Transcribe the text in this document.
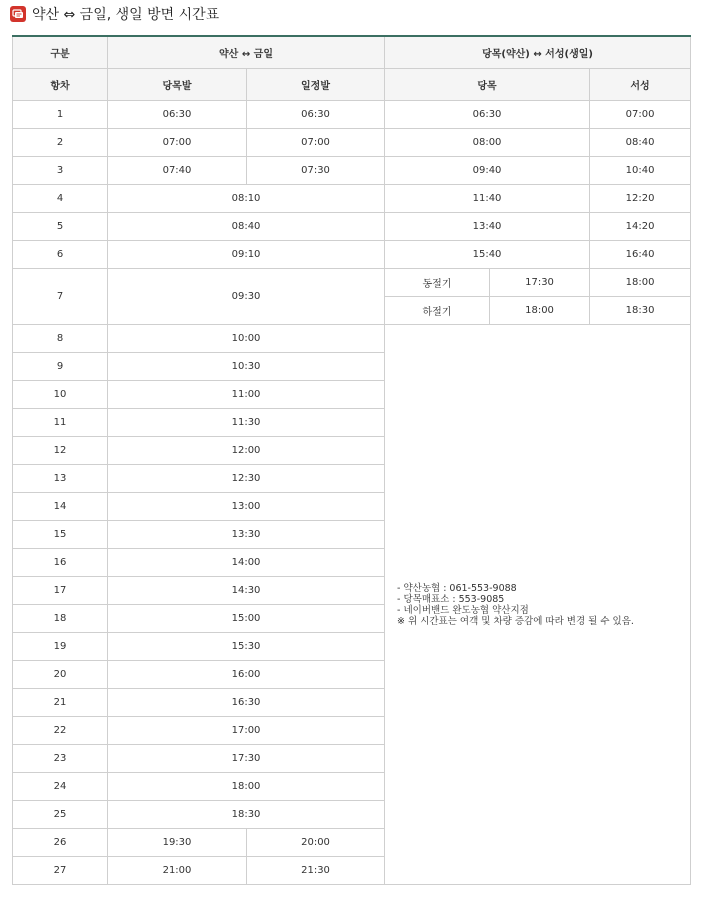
약산 ⇔ 금일, 생일 방면 시간표
구분	약산 ↔ 금일		당목(약산) ↔ 서성(생일)		
항차	당목발	일정발	당목		서성
1	06:30	06:30	06:30		07:00
2	07:00	07:00	08:00		08:40
3	07:40	07:30	09:40		10:40
4	08:10		11:40		12:20
5	08:40		13:40		14:20
6	09:10		15:40		16:40
7	09:30		동절기	17:30	18:00
			하절기	18:00	18:30
8	10:00		- 약산농협 : 061-553-9088
- 당목매표소 : 553-9085
- 네이버밴드 완도농협 약산지점
※ 위 시간표는 여객 및 차량 증감에 따라 변경 될 수 있음.		

9	10:30				
10	11:00				
11	11:30				
12	12:00				
13	12:30				
14	13:00				
15	13:30				
16	14:00				
17	14:30				
18	15:00				
19	15:30				
20	16:00				
21	16:30				
22	17:00				
23	17:30				
24	18:00				
25	18:30				
26	19:30	20:00			
27	21:00	21:30			
